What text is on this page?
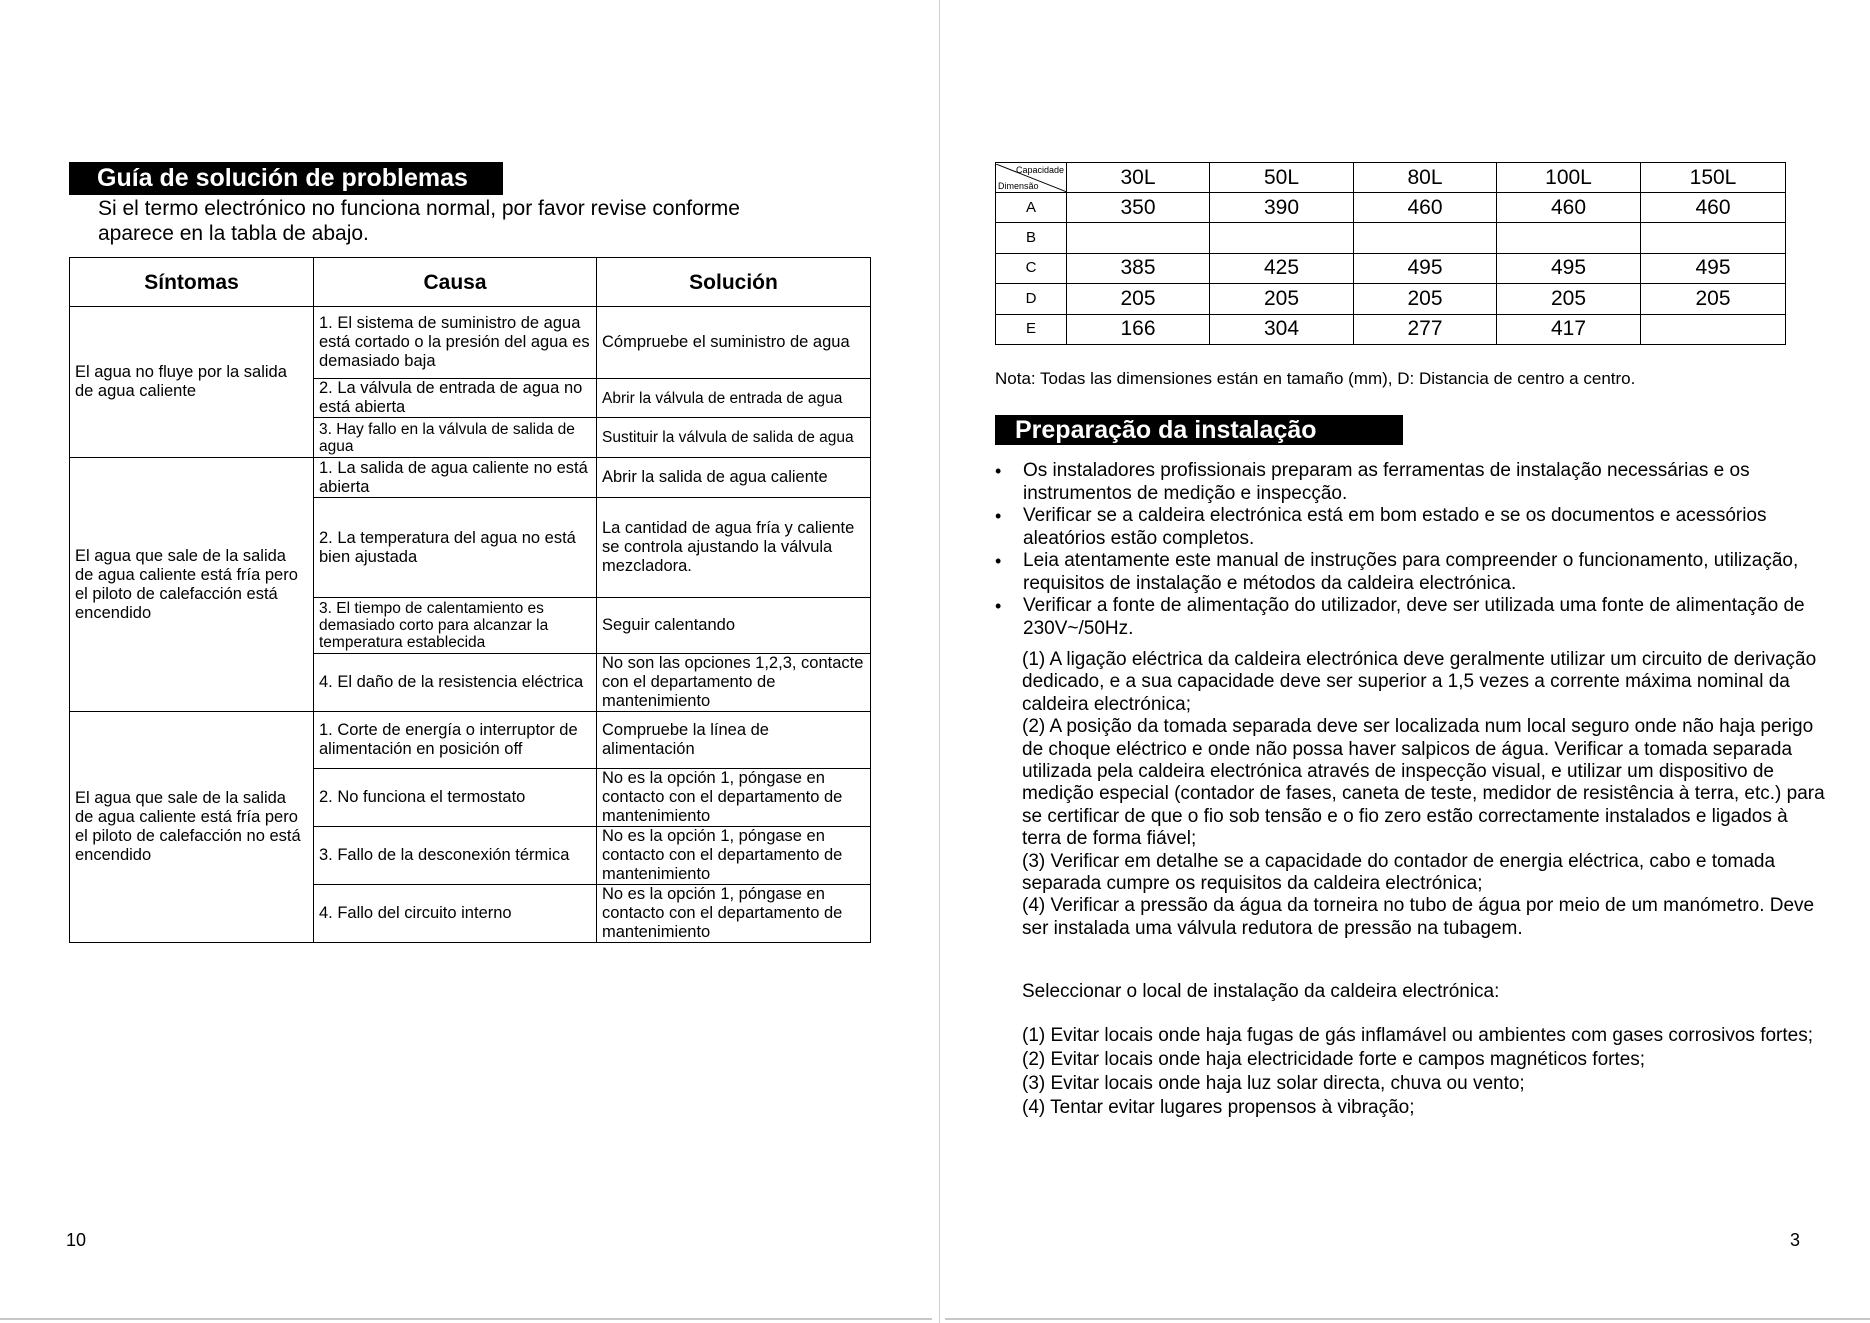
Guía de solución de problemas
Si el termo electrónico no funciona normal, por favor revise conforme aparece en la tabla de abajo.
Síntomas	Causa	Solución
El agua no fluye por la salida de agua caliente	1. El sistema de suministro de agua está cortado o la presión del agua es demasiado baja	Cómpruebe el suministro de agua
	2. La válvula de entrada de agua no está abierta	Abrir la válvula de entrada de agua
	3. Hay fallo en la válvula de salida de agua	Sustituir la válvula de salida de agua
El agua que sale de la salida de agua caliente está fría pero el piloto de calefacción está encendido	1. La salida de agua caliente no está abierta	Abrir la salida de agua caliente
	2. La temperatura del agua no está bien ajustada	La cantidad de agua fría y caliente se controla ajustando la válvula mezcladora.
	3. El tiempo de calentamiento es demasiado corto para alcanzar la temperatura establecida	Seguir calentando
	4. El daño de la resistencia eléctrica	No son las opciones 1,2,3, contacte con el departamento de mantenimiento
El agua que sale de la salida de agua caliente está fría pero el piloto de calefacción no está encendido	1. Corte de energía o interruptor de alimentación en posición off	Compruebe la línea de alimentación
	2. No funciona el termostato	No es la opción 1, póngase en contacto con el departamento de mantenimiento
	3. Fallo de la desconexión térmica	No es la opción 1, póngase en contacto con el departamento de mantenimiento
	4. Fallo del circuito interno	No es la opción 1, póngase en contacto con el departamento de mantenimiento
10
Capacidade
Dimensão	30L	50L	80L	100L	150L
A	350	390	460	460	460
B					
C	385	425	495	495	495
D	205	205	205	205	205
E	166	304	277	417	
Nota: Todas las dimensiones están en tamaño (mm), D: Distancia de centro a centro.
Preparação da instalação
• Os instaladores profissionais preparam as ferramentas de instalação necessárias e os instrumentos de medição e inspecção.
• Verificar se a caldeira electrónica está em bom estado e se os documentos e acessórios aleatórios estão completos.
• Leia atentamente este manual de instruções para compreender o funcionamento, utilização, requisitos de instalação e métodos da caldeira electrónica.
• Verificar a fonte de alimentação do utilizador, deve ser utilizada uma fonte de alimentação de 230V~/50Hz.

(1) A ligação eléctrica da caldeira electrónica deve geralmente utilizar um circuito de derivação dedicado, e a sua capacidade deve ser superior a 1,5 vezes a corrente máxima nominal da caldeira electrónica;

(2) A posição da tomada separada deve ser localizada num local seguro onde não haja perigo de choque eléctrico e onde não possa haver salpicos de água. Verificar a tomada separada utilizada pela caldeira electrónica através de inspecção visual, e utilizar um dispositivo de medição especial (contador de fases, caneta de teste, medidor de resistência à terra, etc.) para se certificar de que o fio sob tensão e o fio zero estão correctamente instalados e ligados à terra de forma fiável;

(3) Verificar em detalhe se a capacidade do contador de energia eléctrica, cabo e tomada separada cumpre os requisitos da caldeira electrónica;

(4) Verificar a pressão da água da torneira no tubo de água por meio de um manómetro. Deve ser instalada uma válvula redutora de pressão na tubagem.

Seleccionar o local de instalação da caldeira electrónica:

(1) Evitar locais onde haja fugas de gás inflamável ou ambientes com gases corrosivos fortes;

(2) Evitar locais onde haja electricidade forte e campos magnéticos fortes;

(3) Evitar locais onde haja luz solar directa, chuva ou vento;

(4) Tentar evitar lugares propensos à vibração;

3
